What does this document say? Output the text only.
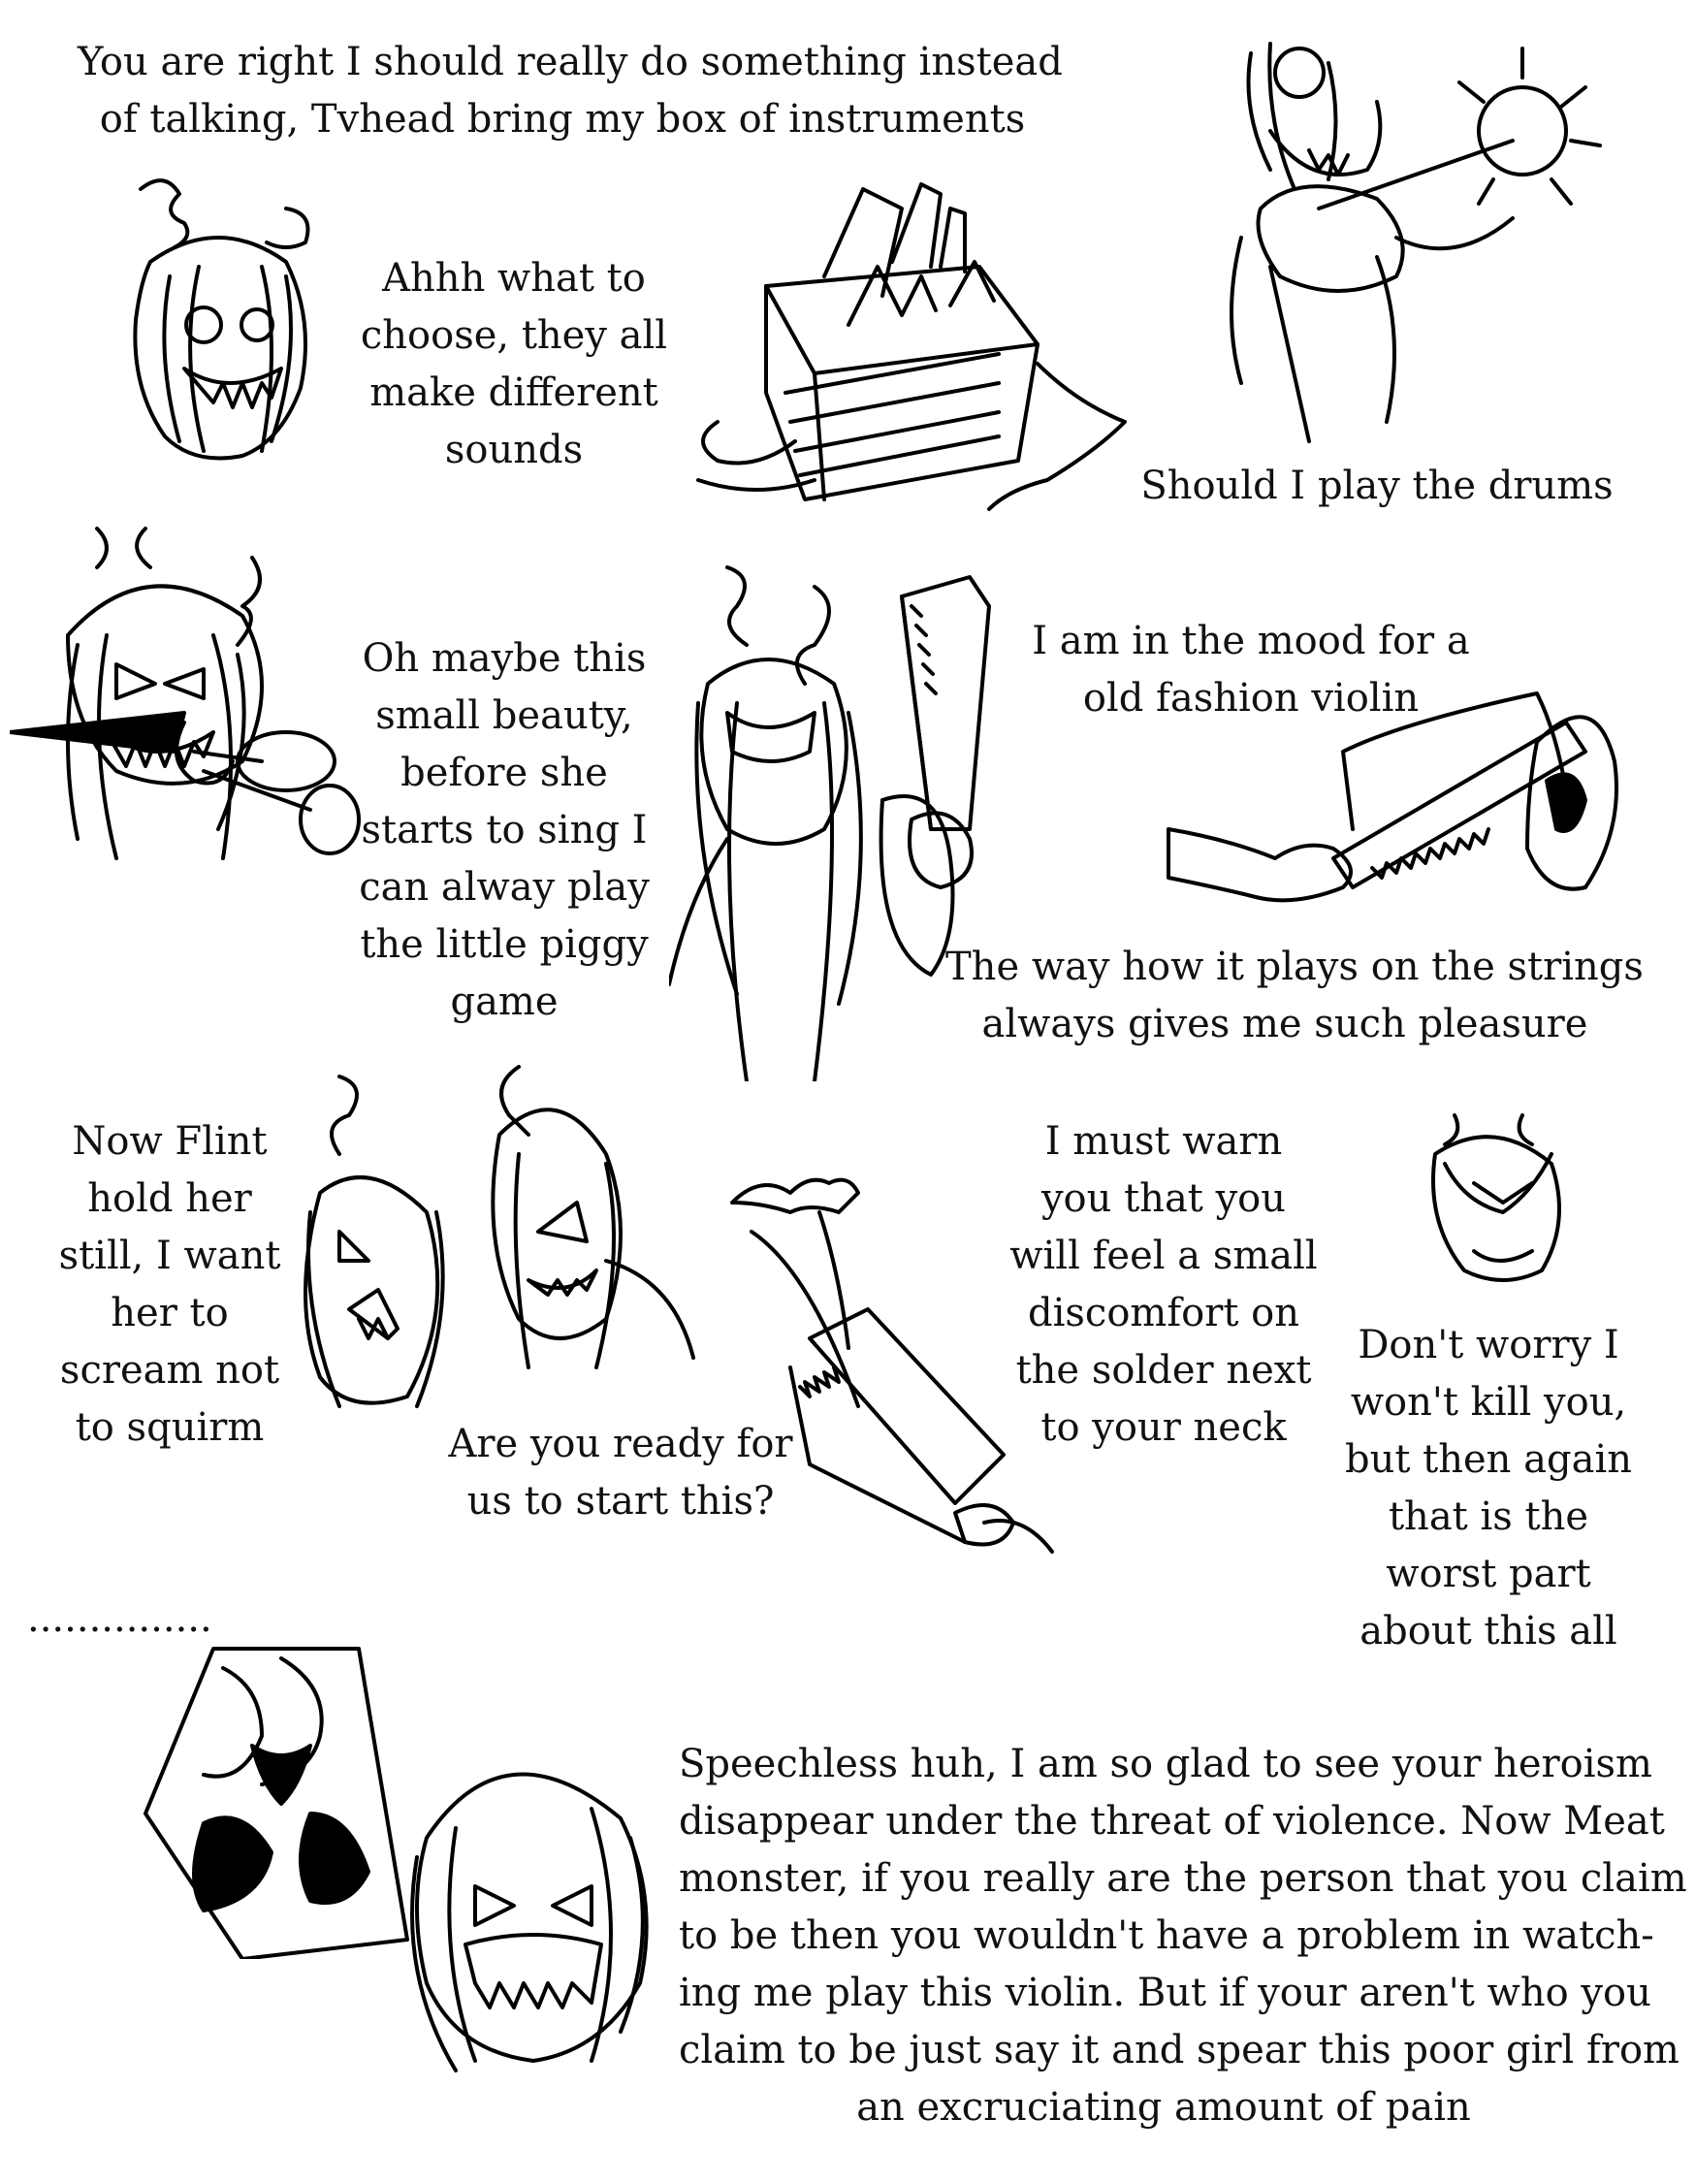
You are right I should really do something instead
of talking, Tvhead bring my box of instruments
Ahhh what to
choose, they all
make different
sounds
Should I play the drums
Oh maybe this
small beauty,
before she
starts to sing I
can alway play
the little piggy
game
I am in the mood for a
old fashion violin
The way how it plays on the strings
always gives me such pleasure
Now Flint
hold her
still, I want
her to
scream not
to squirm	Are you ready for
us to start this?
I must warn
you that you
will feel a small
discomfort on
the solder next
to your neck
Don't worry I
won't kill you,
but then again
that is the
worst part
about this all
...............
Speechless huh, I am so glad to see your heroism
disappear under the threat of violence. Now Meat
monster, if you really are the person that you claim
to be then you wouldn't have a problem in watch-
ing me play this violin. But if your aren't who you
claim to be just say it and spear this poor girl from
an excruciating amount of pain
